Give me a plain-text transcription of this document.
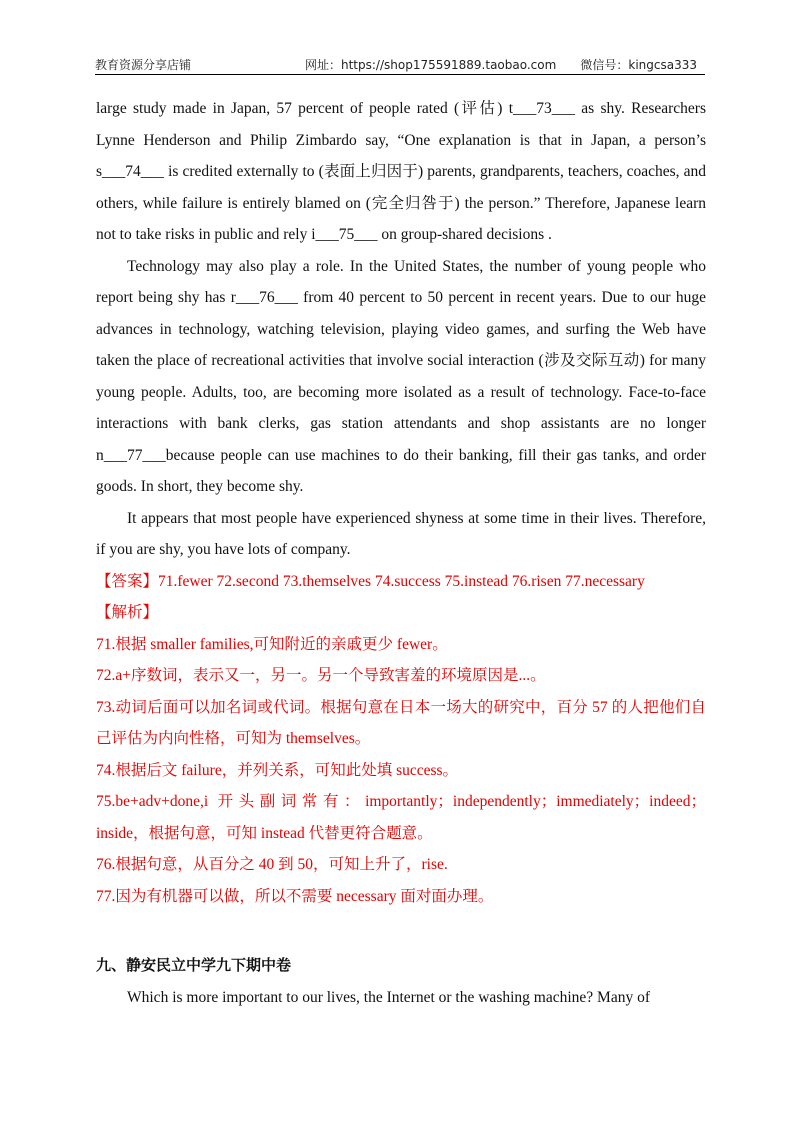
教育资源分享店铺	网址：https://shop175591889.taobao.com 微信号：kingcsa333

large study made in Japan, 57 percent of people rated (评估) t___73___ as shy. Researchers Lynne Henderson and Philip Zimbardo say, “One explanation is that in Japan, a person’s s___74___ is credited externally to (表面上归因于) parents, grandparents, teachers, coaches, and others, while failure is entirely blamed on (完全归咎于) the person.” Therefore, Japanese learn not to take risks in public and rely i___75___ on group-shared decisions .

Technology may also play a role. In the United States, the number of young people who report being shy has r___76___ from 40 percent to 50 percent in recent years. Due to our huge advances in technology, watching television, playing video games, and surfing the Web have taken the place of recreational activities that involve social interaction (涉及交际互动) for many young people. Adults, too, are becoming more isolated as a result of technology. Face-to-face interactions with bank clerks, gas station attendants and shop assistants are no longer n___77___because people can use machines to do their banking, fill their gas tanks, and order goods. In short, they become shy.

It appears that most people have experienced shyness at some time in their lives. Therefore, if you are shy, you have lots of company.

【答案】71.fewer 72.second 73.themselves 74.success 75.instead 76.risen 77.necessary

【解析】

71.根据 smaller families,可知附近的亲戚更少 fewer。

72.a+序数词，表示又一，另一。另一个导致害羞的环境原因是...。

73.动词后面可以加名词或代词。根据句意在日本一场大的研究中，百分 57 的人把他们自己评估为内向性格，可知为 themselves。

74.根据后文 failure，并列关系，可知此处填 success。

75.be+adv+done,i 开头副词常有：importantly；independently；immediately；indeed；inside，根据句意，可知 instead 代替更符合题意。

76.根据句意，从百分之 40 到 50，可知上升了，rise.

77.因为有机器可以做，所以不需要 necessary 面对面办理。

九、静安民立中学九下期中卷

Which is more important to our lives, the Internet or the washing machine? Many of
